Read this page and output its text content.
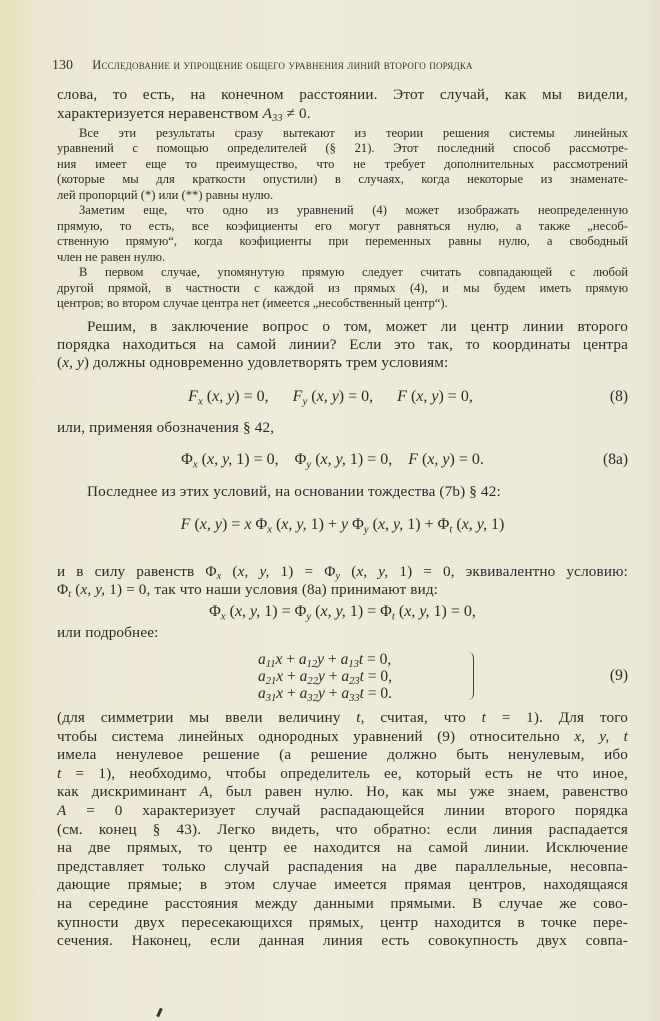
130 Исследование и упрощение общего уравнения линий второго порядка
слова, то есть, на конечном расстоянии. Этот случай, как мы видели,
характеризуется неравенством $A_{33} \ne 0$.
Все эти результаты сразу вытекают из теории решения системы линейных
уравнений с помощью определителей (§ 21). Этот последний способ рассмотре-
ния имеет еще то преимущество, что не требует дополнительных рассмотрений
(которые мы для краткости опустили) в случаях, когда некоторые из знаменате-
лей пропорций (*) или (**) равны нулю.
Заметим еще, что одно из уравнений (4) может изображать неопределенную
прямую, то есть, все коэфициенты его могут равняться нулю, а также „несоб-
ственную прямую“, когда коэфициенты при переменных равны нулю, а свободный
член не равен нулю.
В первом случае, упомянутую прямую следует считать совпадающей с любой
другой прямой, в частности с каждой из прямых (4), и мы будем иметь прямую
центров; во втором случае центра нет (имеется „несобственный центр“).
Решим, в заключение вопрос о том, может ли центр линии второго
порядка находиться на самой линии? Если это так, то координаты центра
(x, y) должны одновременно удовлетворять трем условиям:
$F_x$ (x, y) = 0,      $F_y$ (x, y) = 0,      F (x, y) = 0,	(8)
или, применяя обозначения § 42,
$\Phi_x$ (x, y, 1) = 0,    $\Phi_y$ (x, y, 1) = 0,    F (x, y) = 0.	(8a)
Последнее из этих условий, на основании тождества (7b) § 42:
F (x, y) = x $\Phi_x$ (x, y, 1) + y $\Phi_y$ (x, y, $1) + \Phi_t$ (x, y, 1)
и в силу равенств $\Phi_x$ (x, y, $1) = \Phi_y$ (x, y, 1) = 0, эквивалентно условию:
$\Phi_t$ (x, y, 1) = 0, так что наши условия (8a) принимают вид:
$\Phi_x$ (x, y, $1) = \Phi_y$ (x, y, $1) = \Phi_t$ (x, y, 1) = 0,
или подробнее:
$a_{11}x + a_{12}y + a_{13}t = 0$,
$a_{21}x + a_{22}y + a_{23}t = 0$,
$a_{31}x + a_{32}y + a_{33}t = 0$.
(9)
(для симметрии мы ввели величину t, считая, что t = 1). Для того
чтобы система линейных однородных уравнений (9) относительно x, y, t
имела ненулевое решение (а решение должно быть ненулевым, ибо
t = 1), необходимо, чтобы определитель ее, который есть не что иное,
как дискриминант A, был равен нулю. Но, как мы уже знаем, равенство
A = 0 характеризует случай распадающейся линии второго порядка
(см. конец § 43). Легко видеть, что обратно: если линия распадается
на две прямых, то центр ее находится на самой линии. Исключение
представляет только случай распадения на две параллельные, несовпа-
дающие прямые; в этом случае имеется прямая центров, находящаяся
на середине расстояния между данными прямыми. В случае же сово-
купности двух пересекающихся прямых, центр находится в точке пере-
сечения. Наконец, если данная линия есть совокупность двух совпа-
